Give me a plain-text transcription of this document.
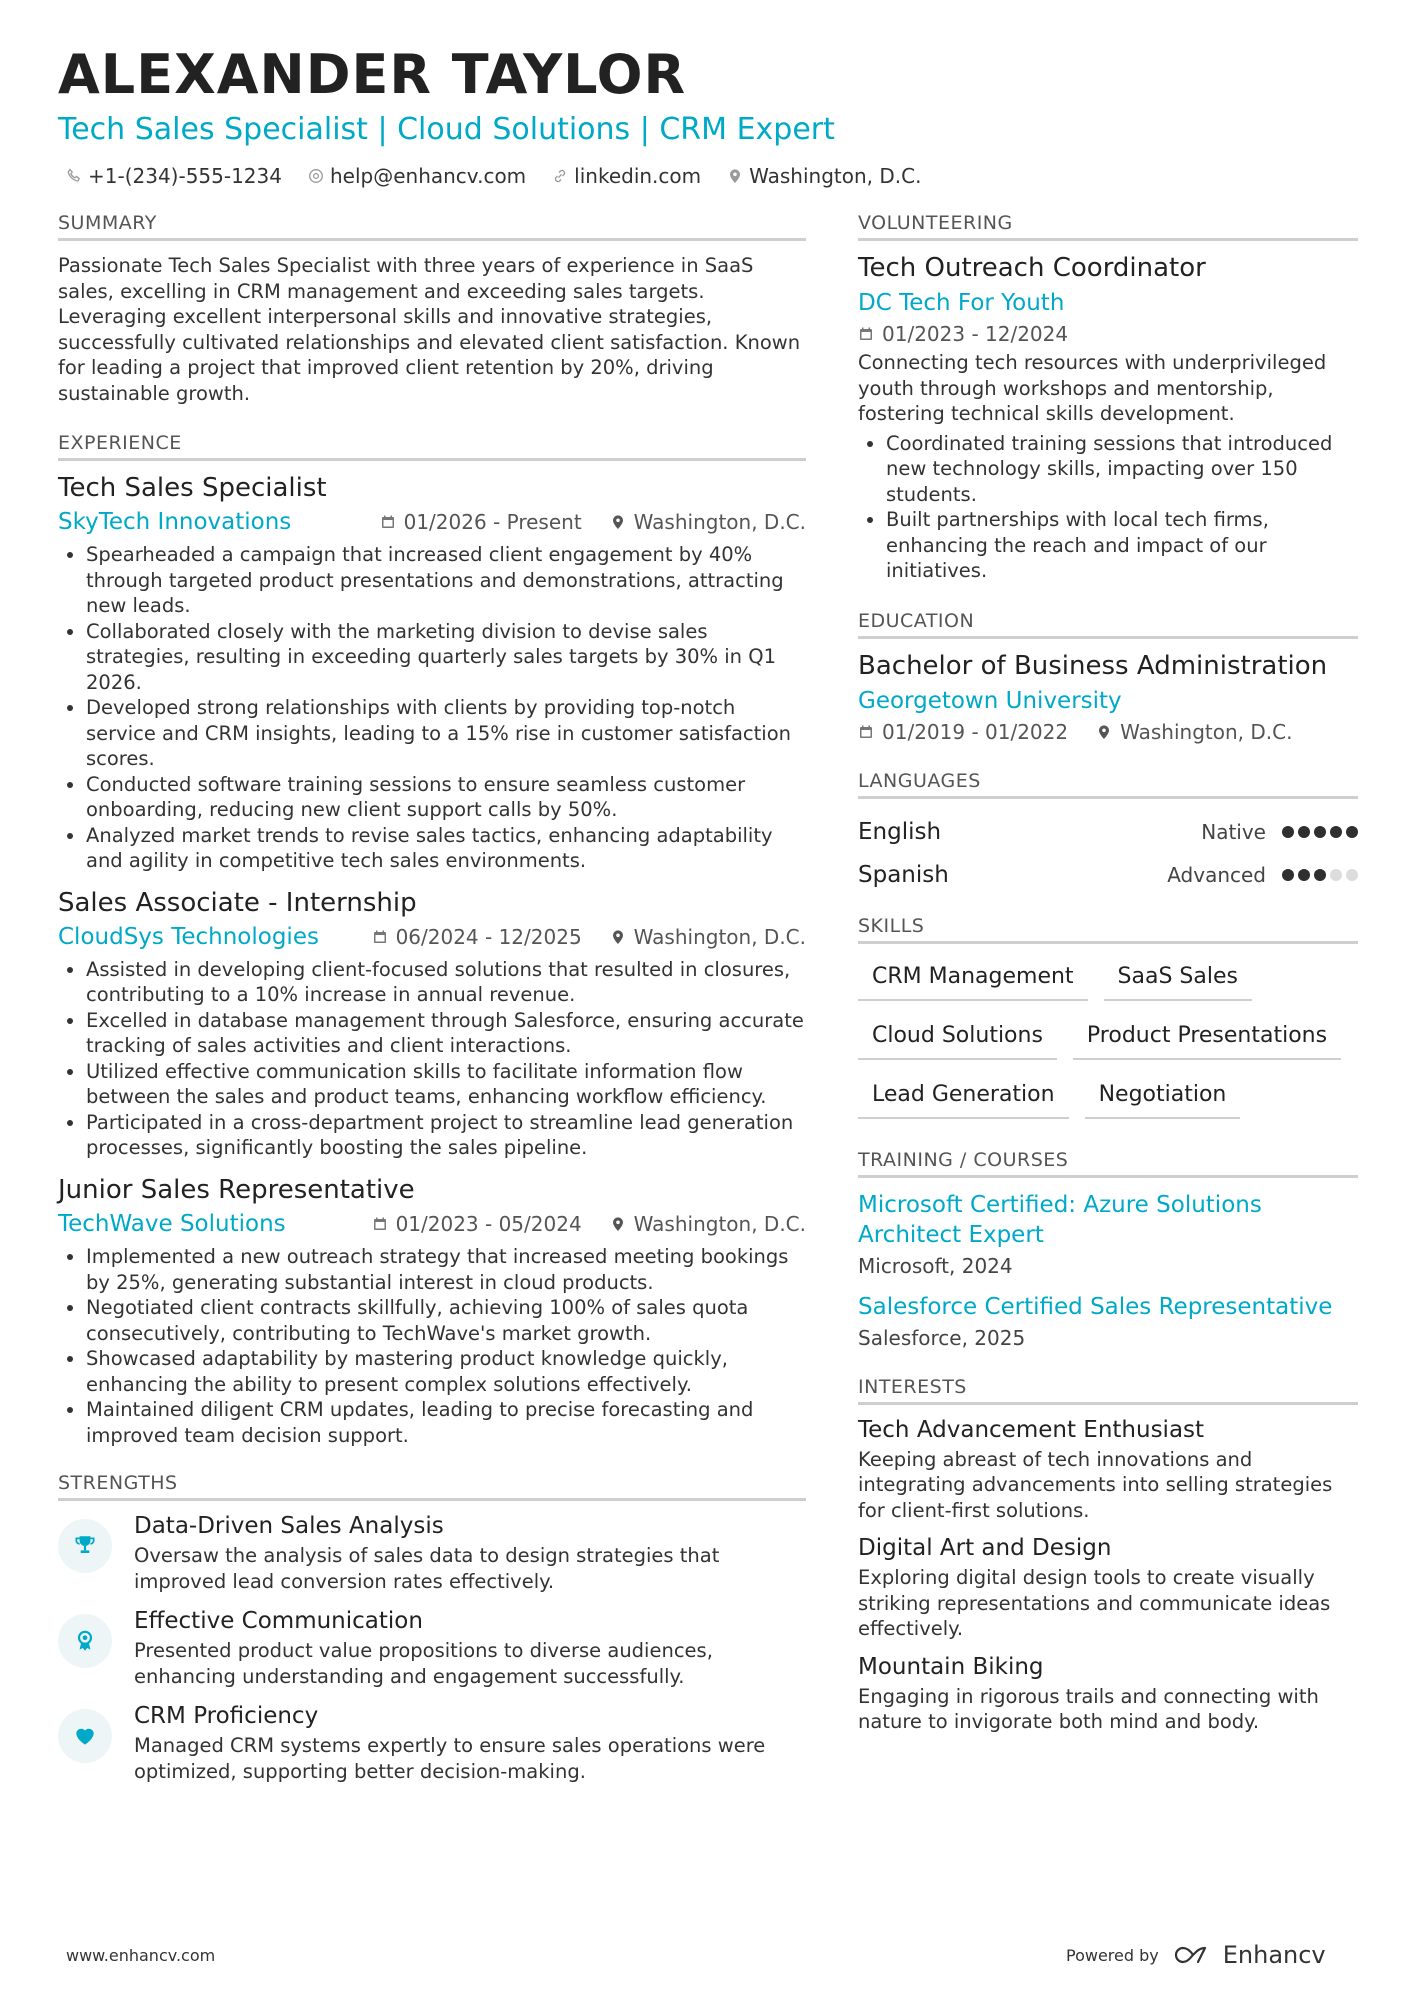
ALEXANDER TAYLOR
Tech Sales Specialist | Cloud Solutions | CRM Expert
+1-(234)-555-1234 help@enhancv.com linkedin.com Washington, D.C.
SUMMARY
Passionate Tech Sales Specialist with three years of experience in SaaS sales, excelling in CRM management and exceeding sales targets. Leveraging excellent interpersonal skills and innovative strategies, successfully cultivated relationships and elevated client satisfaction. Known for leading a project that improved client retention by 20%, driving sustainable growth.
EXPERIENCE
Tech Sales Specialist
SkyTech Innovations	01/2026 - Present	Washington, D.C.
• Spearheaded a campaign that increased client engagement by 40% through targeted product presentations and demonstrations, attracting new leads.
• Collaborated closely with the marketing division to devise sales strategies, resulting in exceeding quarterly sales targets by 30% in Q1 2026.
• Developed strong relationships with clients by providing top-notch service and CRM insights, leading to a 15% rise in customer satisfaction scores.
• Conducted software training sessions to ensure seamless customer onboarding, reducing new client support calls by 50%.
• Analyzed market trends to revise sales tactics, enhancing adaptability and agility in competitive tech sales environments.
Sales Associate - Internship
CloudSys Technologies	06/2024 - 12/2025	Washington, D.C.
• Assisted in developing client-focused solutions that resulted in closures, contributing to a 10% increase in annual revenue.
• Excelled in database management through Salesforce, ensuring accurate tracking of sales activities and client interactions.
• Utilized effective communication skills to facilitate information flow between the sales and product teams, enhancing workflow efficiency.
• Participated in a cross-department project to streamline lead generation processes, significantly boosting the sales pipeline.
Junior Sales Representative
TechWave Solutions	01/2023 - 05/2024	Washington, D.C.
• Implemented a new outreach strategy that increased meeting bookings by 25%, generating substantial interest in cloud products.
• Negotiated client contracts skillfully, achieving 100% of sales quota consecutively, contributing to TechWave's market growth.
• Showcased adaptability by mastering product knowledge quickly, enhancing the ability to present complex solutions effectively.
• Maintained diligent CRM updates, leading to precise forecasting and improved team decision support.
STRENGTHS
Data-Driven Sales Analysis
Oversaw the analysis of sales data to design strategies that improved lead conversion rates effectively.
Effective Communication
Presented product value propositions to diverse audiences, enhancing understanding and engagement successfully.
CRM Proficiency
Managed CRM systems expertly to ensure sales operations were optimized, supporting better decision-making.
VOLUNTEERING
Tech Outreach Coordinator
DC Tech For Youth
01/2023 - 12/2024
Connecting tech resources with underprivileged youth through workshops and mentorship, fostering technical skills development.
• Coordinated training sessions that introduced new technology skills, impacting over 150 students.
• Built partnerships with local tech firms, enhancing the reach and impact of our initiatives.
EDUCATION
Bachelor of Business Administration
Georgetown University
01/2019 - 01/2022	Washington, D.C.
LANGUAGES
English	Native
Spanish	Advanced
SKILLS
CRM Management	SaaS Sales
Cloud Solutions	Product Presentations
Lead Generation	Negotiation
TRAINING / COURSES
Microsoft Certified: Azure Solutions Architect Expert
Microsoft, 2024
Salesforce Certified Sales Representative
Salesforce, 2025
INTERESTS
Tech Advancement Enthusiast
Keeping abreast of tech innovations and integrating advancements into selling strategies for client-first solutions.
Digital Art and Design
Exploring digital design tools to create visually striking representations and communicate ideas effectively.
Mountain Biking
Engaging in rigorous trails and connecting with nature to invigorate both mind and body.
www.enhancv.com	Powered by	Enhancv
